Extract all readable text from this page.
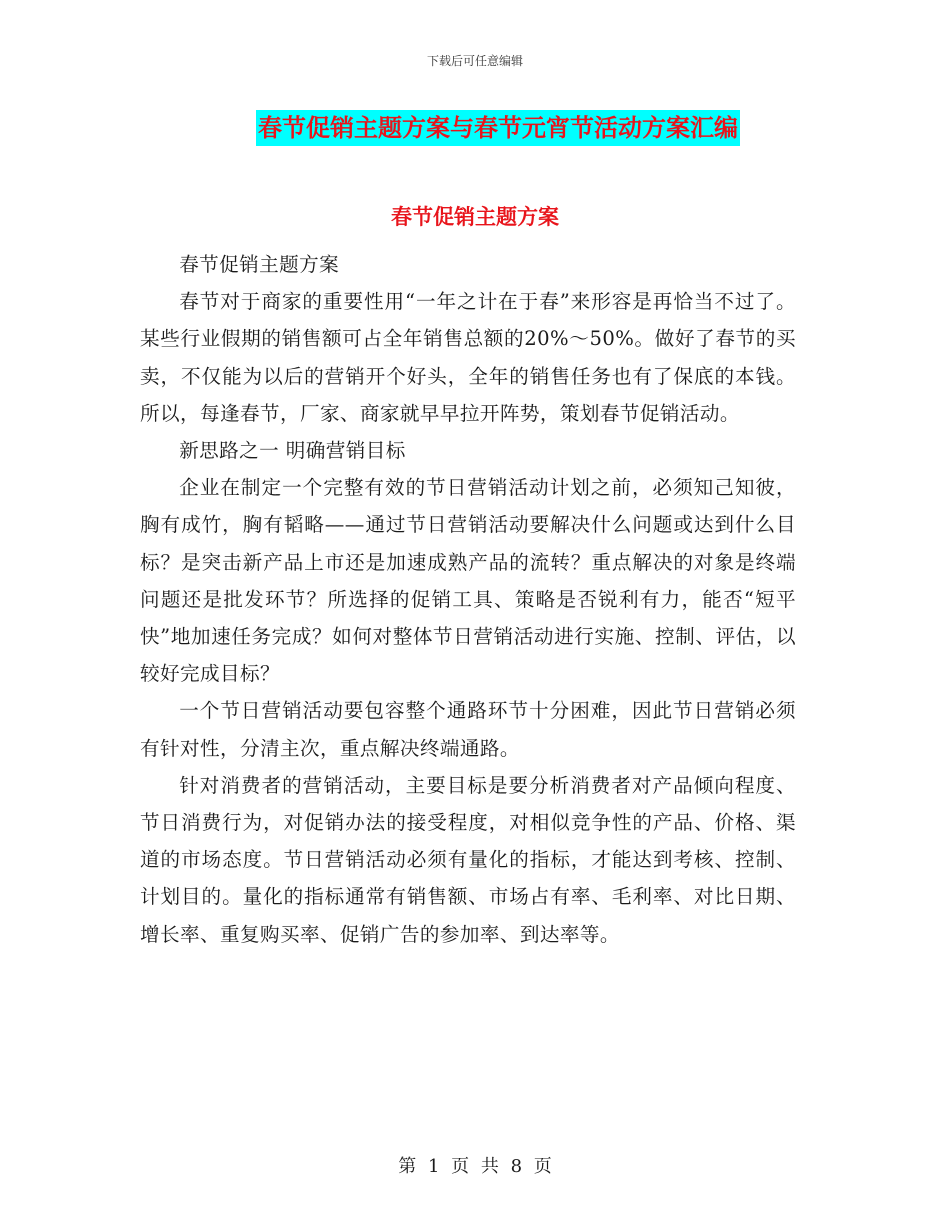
下载后可任意编辑
春节促销主题方案与春节元宵节活动方案汇编
春节促销主题方案

春节促销主题方案

春节对于商家的重要性用“一年之计在于春”来形容是再恰当不过了。某些行业假期的销售额可占全年销售总额的20%～50%。做好了春节的买卖，不仅能为以后的营销开个好头，全年的销售任务也有了保底的本钱。所以，每逢春节，厂家、商家就早早拉开阵势，策划春节促销活动。

新思路之一 明确营销目标

企业在制定一个完整有效的节日营销活动计划之前，必须知己知彼，胸有成竹，胸有韬略——通过节日营销活动要解决什么问题或达到什么目标？是突击新产品上市还是加速成熟产品的流转？重点解决的对象是终端问题还是批发环节？所选择的促销工具、策略是否锐利有力，能否“短平快”地加速任务完成？如何对整体节日营销活动进行实施、控制、评估，以较好完成目标？

一个节日营销活动要包容整个通路环节十分困难，因此节日营销必须有针对性，分清主次，重点解决终端通路。

针对消费者的营销活动，主要目标是要分析消费者对产品倾向程度、节日消费行为，对促销办法的接受程度，对相似竞争性的产品、价格、渠道的市场态度。节日营销活动必须有量化的指标，才能达到考核、控制、计划目的。量化的指标通常有销售额、市场占有率、毛利率、对比日期、增长率、重复购买率、促销广告的参加率、到达率等。

第 1 页 共 8 页
